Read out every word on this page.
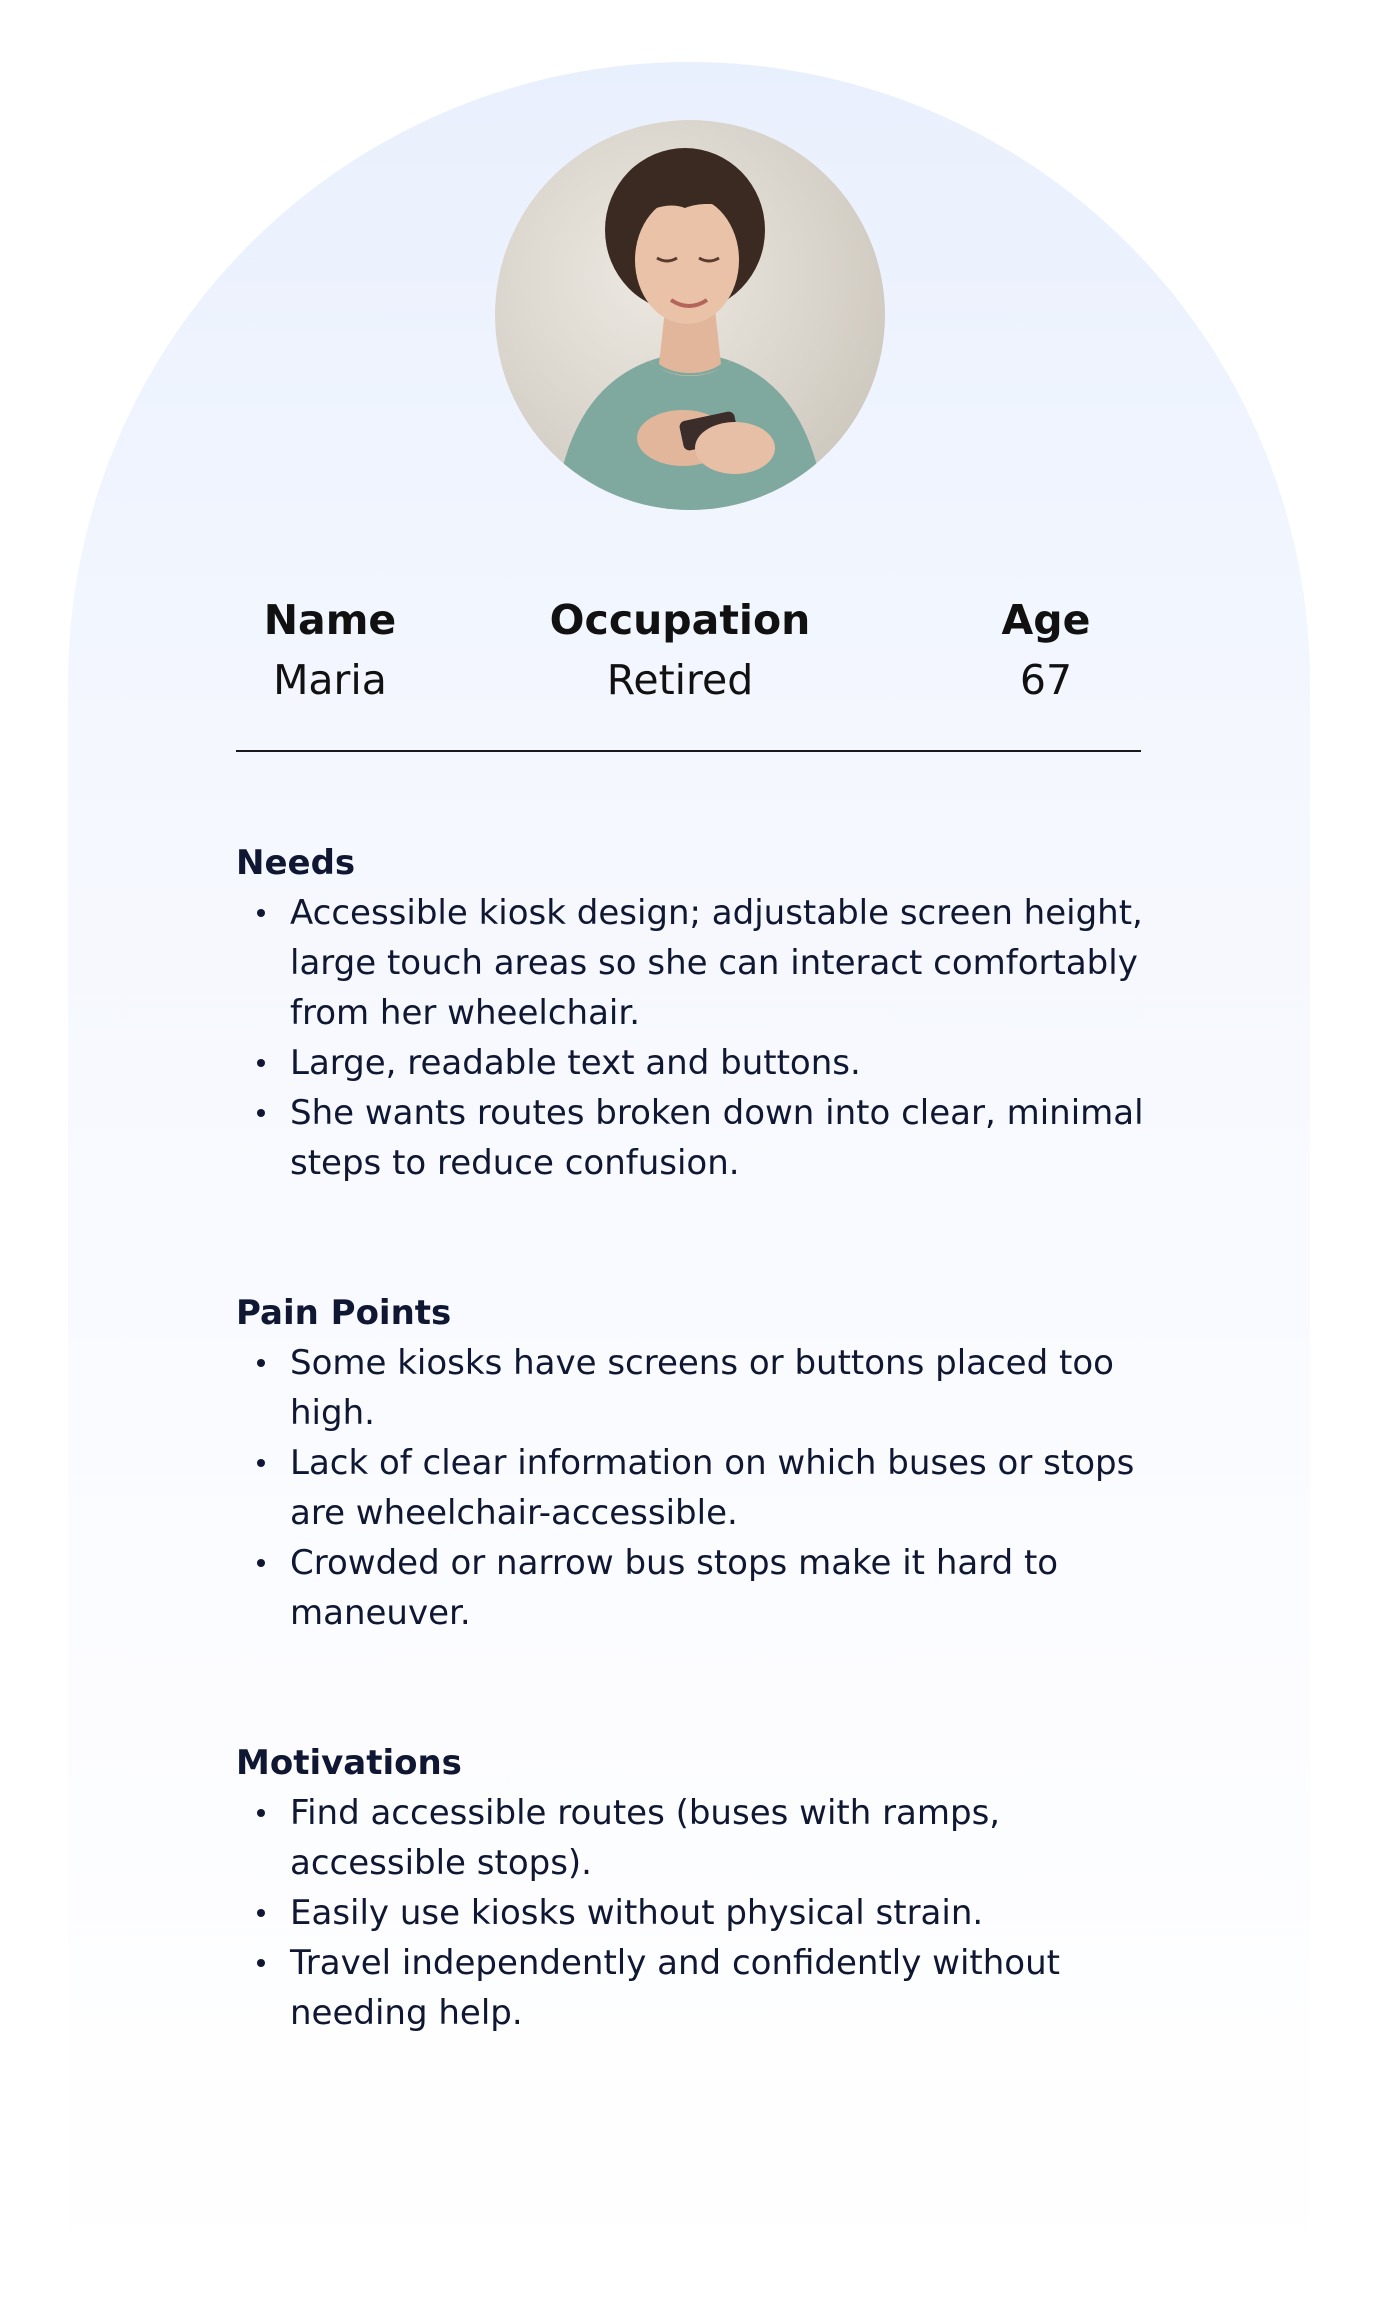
Name
Maria
Occupation
Retired
Age
67
Needs
Accessible kiosk design; adjustable screen height, large touch areas so she can interact comfortably from her wheelchair.
Large, readable text and buttons.
She wants routes broken down into clear, minimal steps to reduce confusion.
Pain Points
Some kiosks have screens or buttons placed too high.
Lack of clear information on which buses or stops are wheelchair-accessible.
Crowded or narrow bus stops make it hard to maneuver.
Motivations
Find accessible routes (buses with ramps, accessible stops).
Easily use kiosks without physical strain.
Travel independently and confidently without needing help.
